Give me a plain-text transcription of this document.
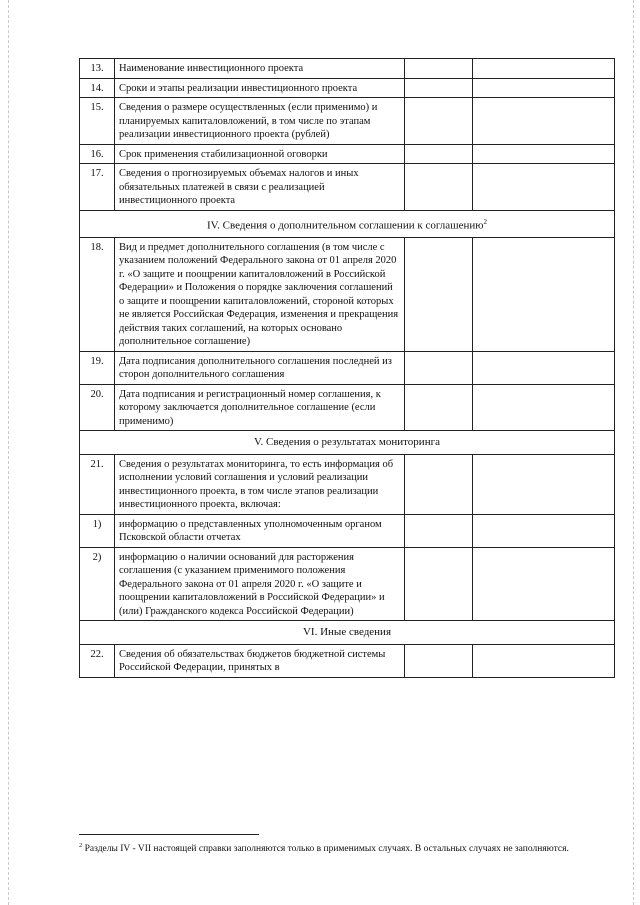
13.	Наименование инвестиционного проекта		
14.	Сроки и этапы реализации инвестиционного проекта		
15.	Сведения о размере осуществленных (если применимо) и планируемых капиталовложений, в том числе по этапам реализации инвестиционного проекта (рублей)		
16.	Срок применения стабилизационной оговорки		
17.	Сведения о прогнозируемых объемах налогов и иных обязательных платежей в связи с реализацией инвестиционного проекта		
IV. Сведения о дополнительном соглашении к соглашению$^2$
18.	Вид и предмет дополнительного соглашения (в том числе с указанием положений Федерального закона от 01 апреля 2020 г. «О защите и поощрении капиталовложений в Российской Федерации» и Положения о порядке заключения соглашений о защите и поощрении капиталовложений, стороной которых не является Российская Федерация, изменения и прекращения действия таких соглашений, на которых основано дополнительное соглашение)		
19.	Дата подписания дополнительного соглашения последней из сторон дополнительного соглашения		
20.	Дата подписания и регистрационный номер соглашения, к которому заключается дополнительное соглашение (если применимо)		
V. Сведения о результатах мониторинга			
21.	Сведения о результатах мониторинга, то есть информация об исполнении условий соглашения и условий реализации инвестиционного проекта, в том числе этапов реализации инвестиционного проекта, включая:		
1)	информацию о представленных уполномоченным органом Псковской области отчетах		
2)	информацию о наличии оснований для расторжения соглашения (с указанием применимого положения Федерального закона от 01 апреля 2020 г. «О защите и поощрении капиталовложений в Российской Федерации» и (или) Гражданского кодекса Российской Федерации)		
VI. Иные сведения			
22.	Сведения об обязательствах бюджетов бюджетной системы Российской Федерации, принятых в		
$^2$ Разделы IV - VII настоящей справки заполняются только в применимых случаях. В остальных случаях не заполняются.
